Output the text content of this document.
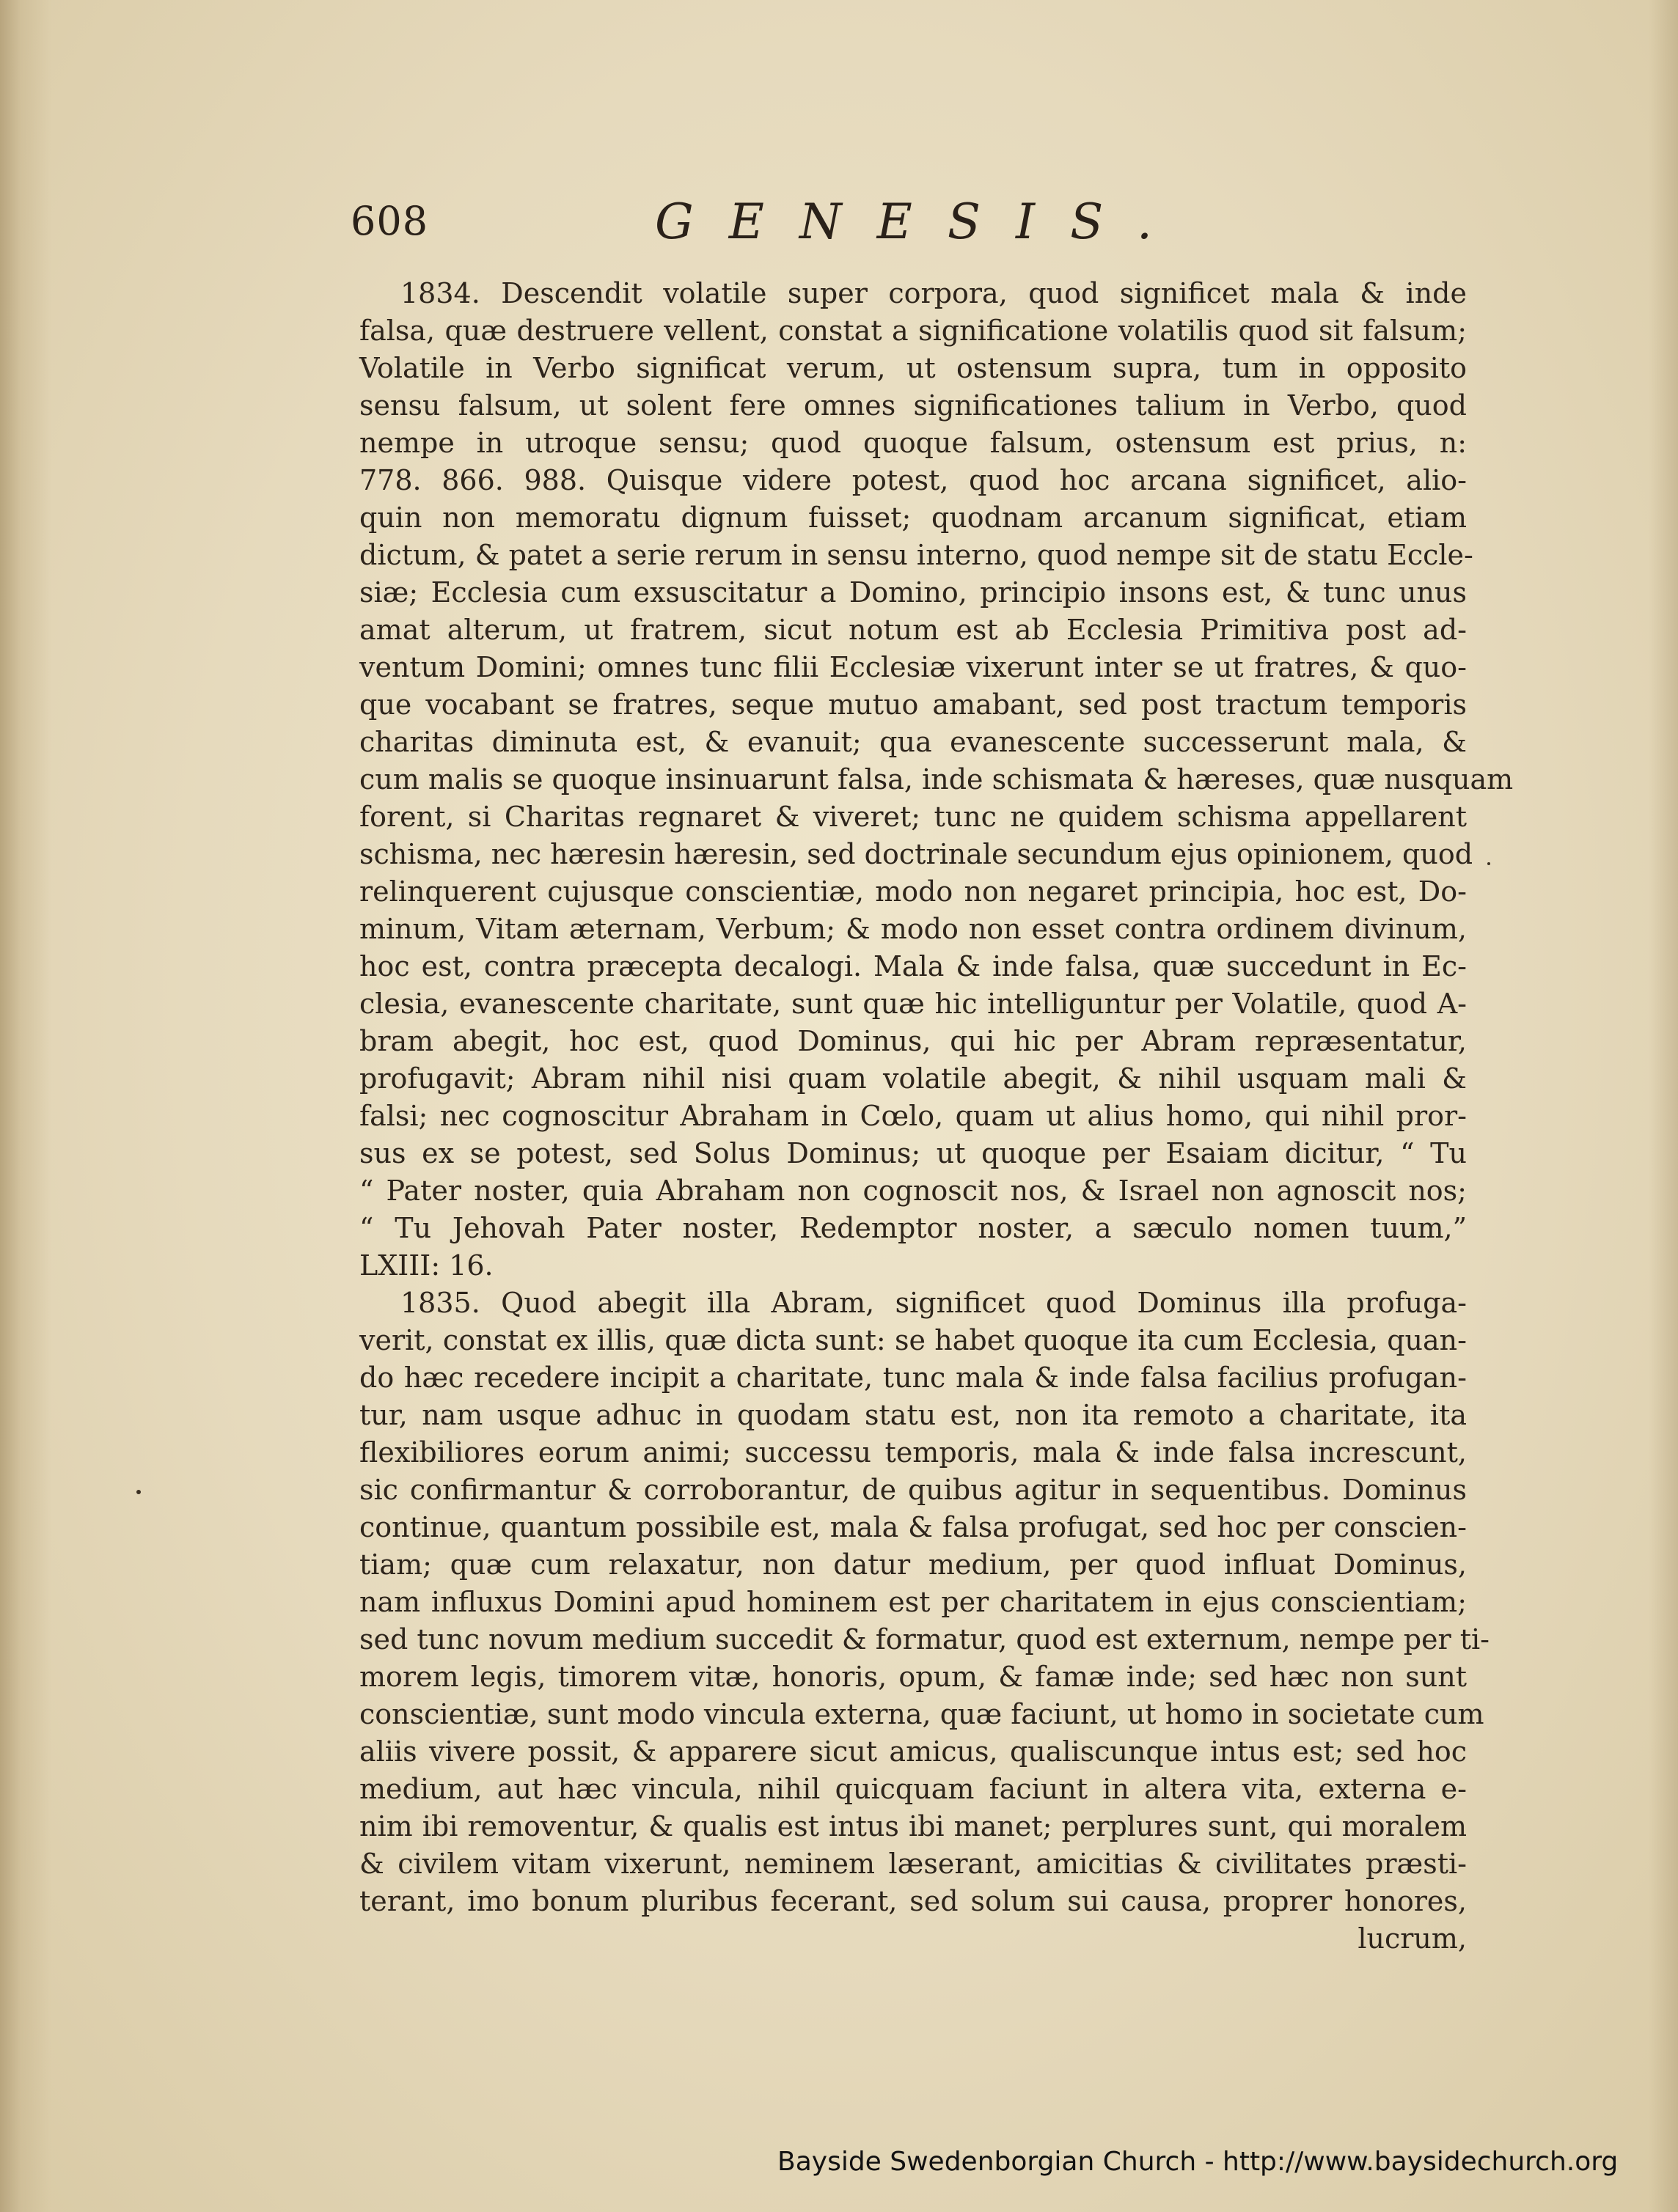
608	GENESIS.
1834. Descendit volatile super corpora, quod significet mala & inde
falsa, quæ destruere vellent, constat a significatione volatilis quod sit falsum;
Volatile in Verbo significat verum, ut ostensum supra, tum in opposito
sensu falsum, ut solent fere omnes significationes talium in Verbo, quod
nempe in utroque sensu; quod quoque falsum, ostensum est prius, n:
778. 866. 988. Quisque videre potest, quod hoc arcana significet, alio-
quin non memoratu dignum fuisset; quodnam arcanum significat, etiam
dictum, & patet a serie rerum in sensu interno, quod nempe sit de statu Eccle-
siæ; Ecclesia cum exsuscitatur a Domino, principio insons est, & tunc unus
amat alterum, ut fratrem, sicut notum est ab Ecclesia Primitiva post ad-
ventum Domini; omnes tunc filii Ecclesiæ vixerunt inter se ut fratres, & quo-
que vocabant se fratres, seque mutuo amabant, sed post tractum temporis
charitas diminuta est, & evanuit; qua evanescente successerunt mala, &
cum malis se quoque insinuarunt falsa, inde schismata & hæreses, quæ nusquam
forent, si Charitas regnaret & viveret; tunc ne quidem schisma appellarent
schisma, nec hæresin hæresin, sed doctrinale secundum ejus opinionem, quod
relinquerent cujusque conscientiæ, modo non negaret principia, hoc est, Do-
minum, Vitam æternam, Verbum; & modo non esset contra ordinem divinum,
hoc est, contra præcepta decalogi. Mala & inde falsa, quæ succedunt in Ec-
clesia, evanescente charitate, sunt quæ hic intelliguntur per Volatile, quod A-
bram abegit, hoc est, quod Dominus, qui hic per Abram repræsentatur,
profugavit; Abram nihil nisi quam volatile abegit, & nihil usquam mali &
falsi; nec cognoscitur Abraham in Cœlo, quam ut alius homo, qui nihil pror-
sus ex se potest, sed Solus Dominus; ut quoque per Esaiam dicitur, “ Tu
“ Pater noster, quia Abraham non cognoscit nos, & Israel non agnoscit nos;
“ Tu Jehovah Pater noster, Redemptor noster, a sæculo nomen tuum,”
LXIII: 16.
1835. Quod abegit illa Abram, significet quod Dominus illa profuga-
verit, constat ex illis, quæ dicta sunt: se habet quoque ita cum Ecclesia, quan-
do hæc recedere incipit a charitate, tunc mala & inde falsa facilius profugan-
tur, nam usque adhuc in quodam statu est, non ita remoto a charitate, ita
flexibiliores eorum animi; successu temporis, mala & inde falsa increscunt,
sic confirmantur & corroborantur, de quibus agitur in sequentibus. Dominus
continue, quantum possibile est, mala & falsa profugat, sed hoc per conscien-
tiam; quæ cum relaxatur, non datur medium, per quod influat Dominus,
nam influxus Domini apud hominem est per charitatem in ejus conscientiam;
sed tunc novum medium succedit & formatur, quod est externum, nempe per ti-
morem legis, timorem vitæ, honoris, opum, & famæ inde; sed hæc non sunt
conscientiæ, sunt modo vincula externa, quæ faciunt, ut homo in societate cum
aliis vivere possit, & apparere sicut amicus, qualiscunque intus est; sed hoc
medium, aut hæc vincula, nihil quicquam faciunt in altera vita, externa e-
nim ibi removentur, & qualis est intus ibi manet; perplures sunt, qui moralem
& civilem vitam vixerunt, neminem læserant, amicitias & civilitates præsti-
terant, imo bonum pluribus fecerant, sed solum sui causa, proprer honores,
lucrum,
Bayside Swedenborgian Church - http://www.baysidechurch.org
